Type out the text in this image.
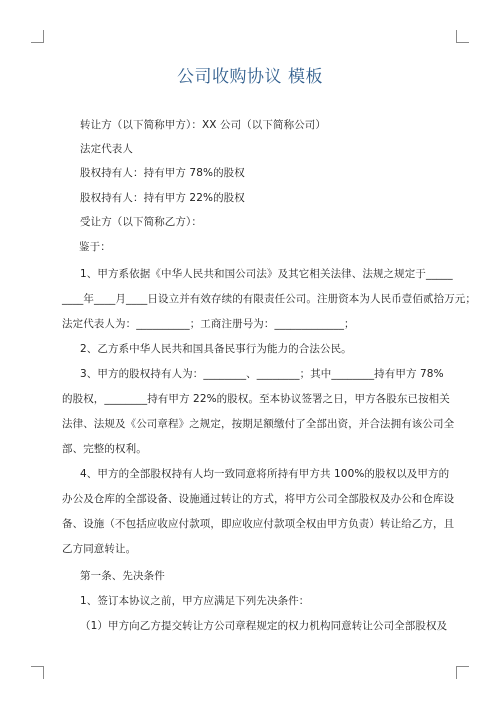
公司收购协议 模板
转让方（以下简称甲方）：XX 公司（以下简称公司）
法定代表人
股权持有人：持有甲方 78%的股权
股权持有人：持有甲方 22%的股权
受让方（以下简称乙方）：
鉴于：
1、甲方系依据《中华人民共和国公司法》及其它相关法律、法规之规定于_____
____年____月____日设立并有效存续的有限责任公司。注册资本为人民币壹佰贰拾万元；
法定代表人为：__________；工商注册号为：_____________；
2、乙方系中华人民共和国具备民事行为能力的合法公民。
3、甲方的股权持有人为：________、________；其中________持有甲方 78%
的股权，________持有甲方 22%的股权。至本协议签署之日，甲方各股东已按相关
法律、法规及《公司章程》之规定，按期足额缴付了全部出资，并合法拥有该公司全
部、完整的权利。
4、甲方的全部股权持有人均一致同意将所持有甲方共 100%的股权以及甲方的
办公及仓库的全部设备、设施通过转让的方式，将甲方公司全部股权及办公和仓库设
备、设施（不包括应收应付款项，即应收应付款项全权由甲方负责）转让给乙方，且
乙方同意转让。
第一条、先决条件
1、签订本协议之前，甲方应满足下列先决条件：
（1）甲方向乙方提交转让方公司章程规定的权力机构同意转让公司全部股权及
